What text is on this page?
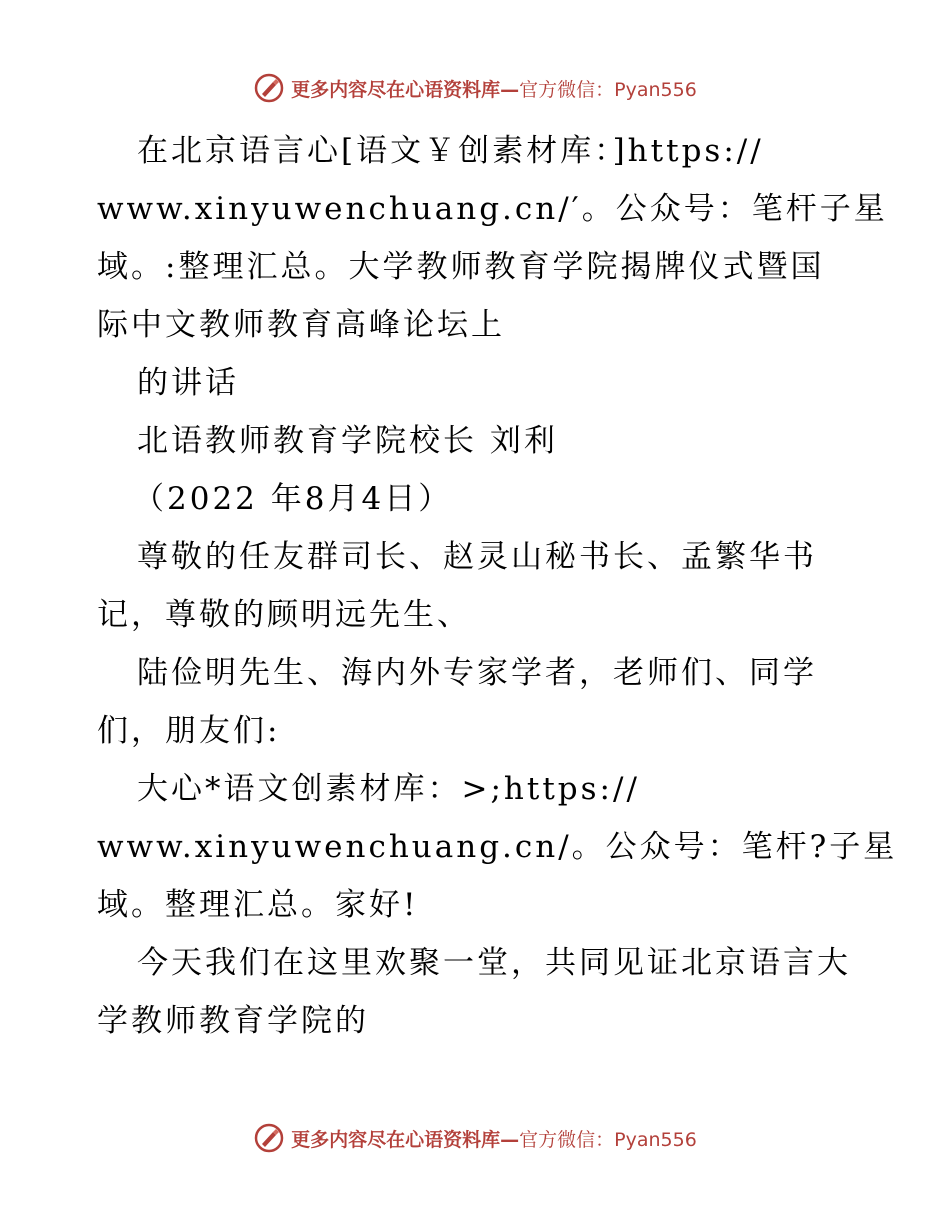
更多内容尽在心语资料库—官方微信：Pyan556
在北京语言心[语文￥创素材库：]https://
www.xinyuwenchuang.cn/′。公众号：笔杆子星
域。:整理汇总。大学教师教育学院揭牌仪式暨国
际中文教师教育高峰论坛上
的讲话
北语教师教育学院校长 刘利
（2022 年8月4日）
尊敬的任友群司长、赵灵山秘书长、孟繁华书
记，尊敬的顾明远先生、
陆俭明先生、海内外专家学者，老师们、同学
们，朋友们:
大心*语文创素材库：>;https://
www.xinyuwenchuang.cn/。公众号：笔杆?子星
域。整理汇总。家好!
今天我们在这里欢聚一堂，共同见证北京语言大
学教师教育学院的
更多内容尽在心语资料库—官方微信：Pyan556
